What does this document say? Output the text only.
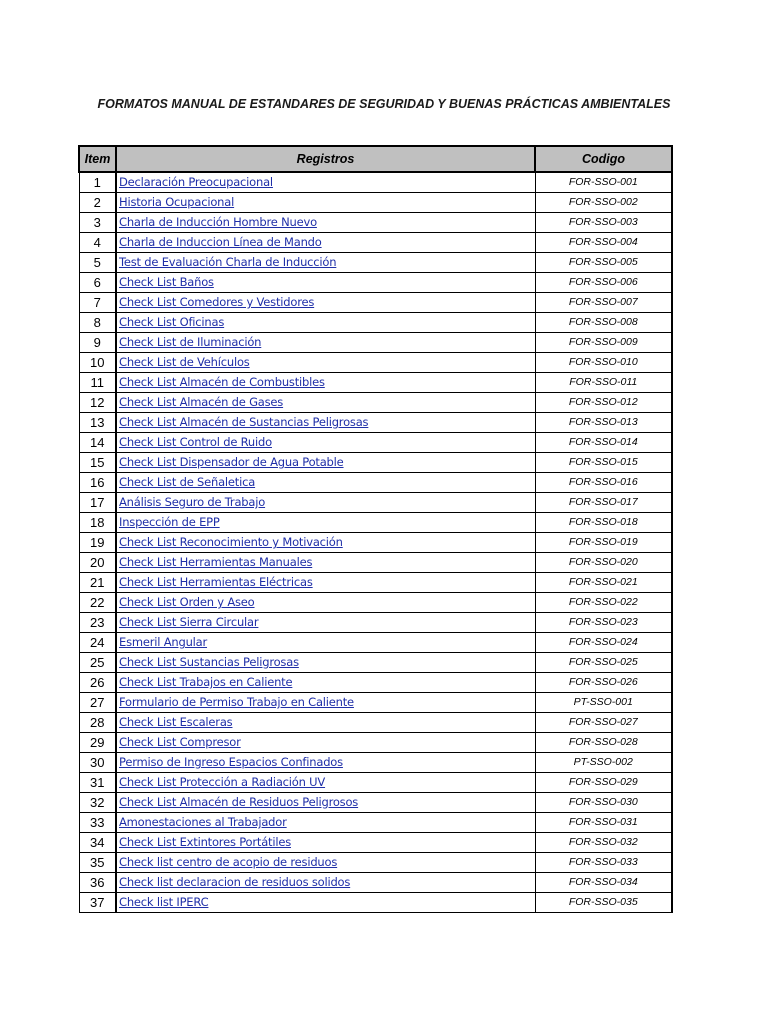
FORMATOS MANUAL DE ESTANDARES DE SEGURIDAD Y BUENAS PRÁCTICAS AMBIENTALES
Item	Registros	Codigo
1	Declaración Preocupacional	FOR-SSO-001
2	Historia Ocupacional	FOR-SSO-002
3	Charla de Inducción Hombre Nuevo	FOR-SSO-003
4	Charla de Induccion Línea de Mando	FOR-SSO-004
5	Test de Evaluación Charla de Inducción	FOR-SSO-005
6	Check List Baños	FOR-SSO-006
7	Check List Comedores y Vestidores	FOR-SSO-007
8	Check List Oficinas	FOR-SSO-008
9	Check List de Iluminación	FOR-SSO-009
10	Check List de Vehículos	FOR-SSO-010
11	Check List Almacén de Combustibles	FOR-SSO-011
12	Check List Almacén de Gases	FOR-SSO-012
13	Check List Almacén de Sustancias Peligrosas	FOR-SSO-013
14	Check List Control de Ruido	FOR-SSO-014
15	Check List Dispensador de Agua Potable	FOR-SSO-015
16	Check List de Señaletica	FOR-SSO-016
17	Análisis Seguro de Trabajo	FOR-SSO-017
18	Inspección de EPP	FOR-SSO-018
19	Check List Reconocimiento y Motivación	FOR-SSO-019
20	Check List Herramientas Manuales	FOR-SSO-020
21	Check List Herramientas Eléctricas	FOR-SSO-021
22	Check List Orden y Aseo	FOR-SSO-022
23	Check List Sierra Circular	FOR-SSO-023
24	Esmeril Angular	FOR-SSO-024
25	Check List Sustancias Peligrosas	FOR-SSO-025
26	Check List Trabajos en Caliente	FOR-SSO-026
27	Formulario de Permiso Trabajo en Caliente	PT-SSO-001
28	Check List Escaleras	FOR-SSO-027
29	Check List Compresor	FOR-SSO-028
30	Permiso de Ingreso Espacios Confinados	PT-SSO-002
31	Check List Protección a Radiación UV	FOR-SSO-029
32	Check List Almacén de Residuos Peligrosos	FOR-SSO-030
33	Amonestaciones al Trabajador	FOR-SSO-031
34	Check List Extintores Portátiles	FOR-SSO-032
35	Check list centro de acopio de residuos	FOR-SSO-033
36	Check list declaracion de residuos solidos	FOR-SSO-034
37	Check list IPERC	FOR-SSO-035
